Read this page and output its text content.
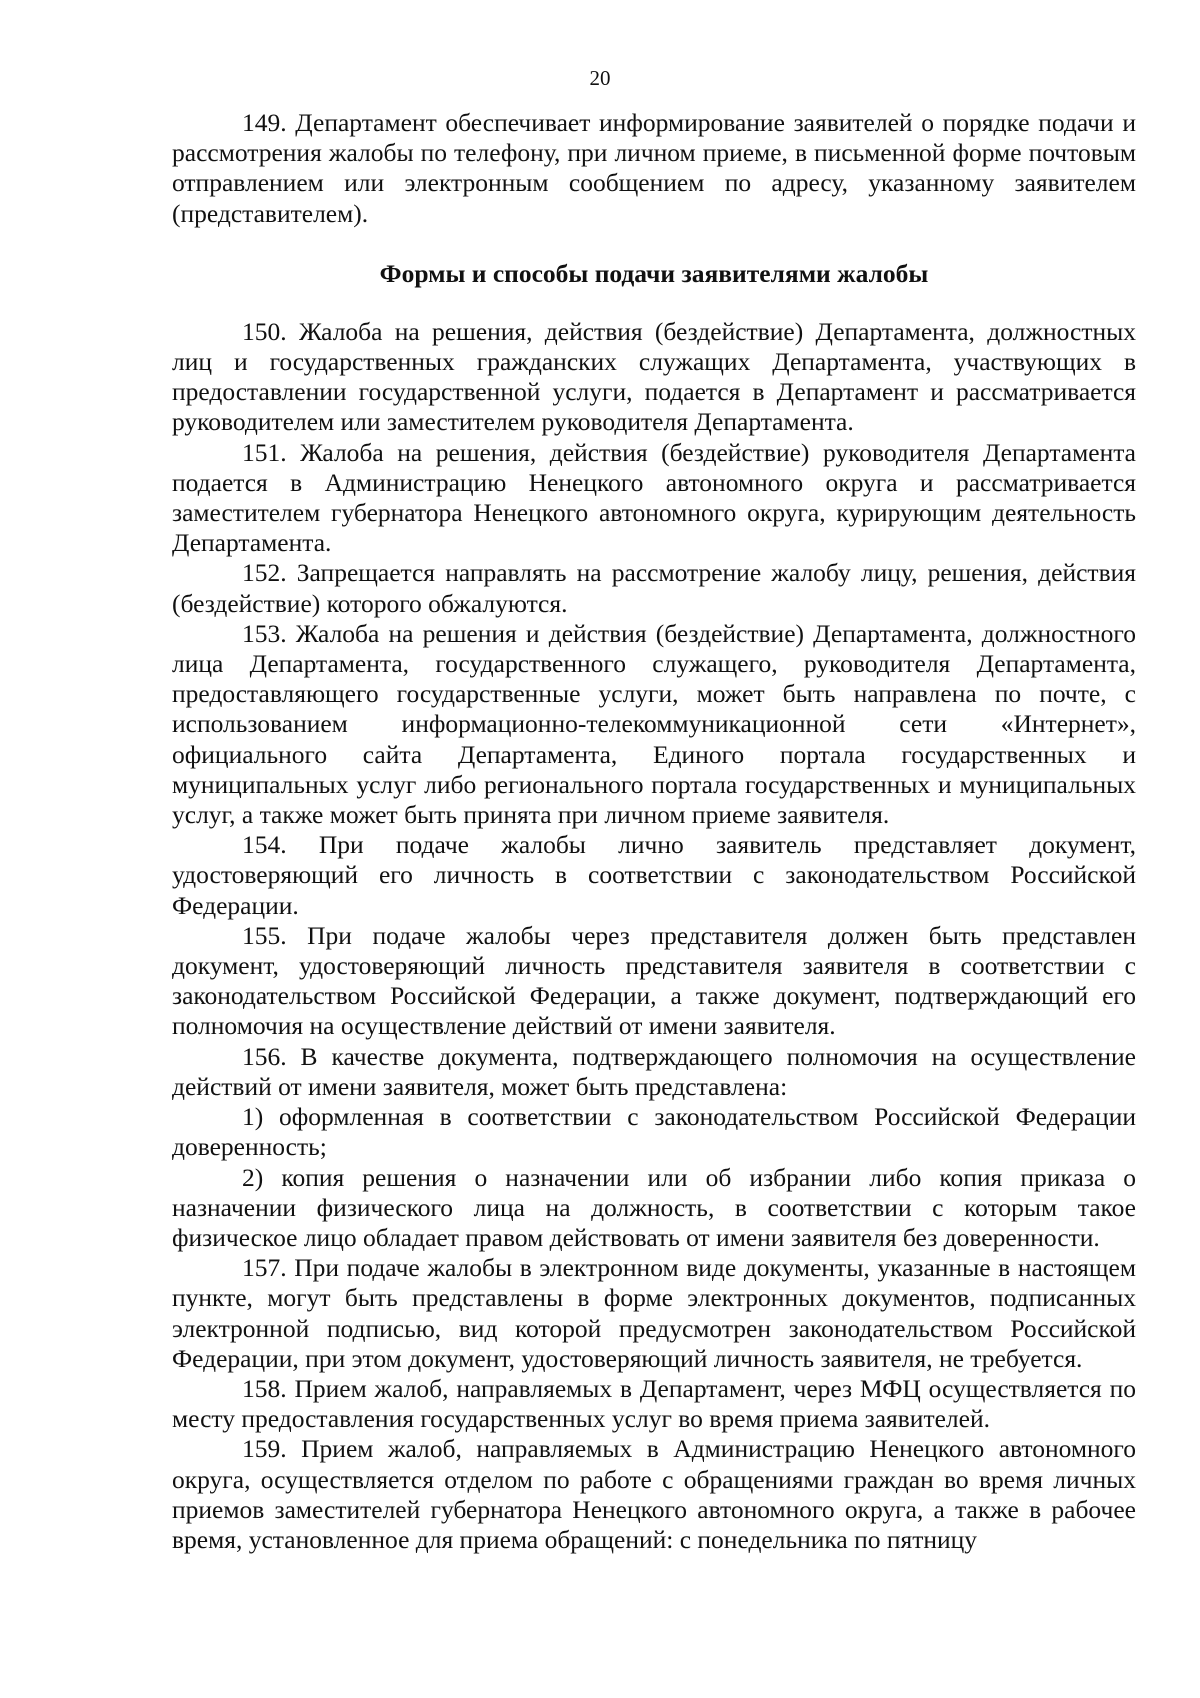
20

149. Департамент обеспечивает информирование заявителей о порядке подачи и рассмотрения жалобы по телефону, при личном приеме, в письменной форме почтовым отправлением или электронным сообщением по адресу, указанному заявителем (представителем).

Формы и способы подачи заявителями жалобы

150. Жалоба на решения, действия (бездействие) Департамента, должностных лиц и государственных гражданских служащих Департамента, участвующих в предоставлении государственной услуги, подается в Департамент и рассматривается руководителем или заместителем руководителя Департамента.

151. Жалоба на решения, действия (бездействие) руководителя Департамента подается в Администрацию Ненецкого автономного округа и рассматривается заместителем губернатора Ненецкого автономного округа, курирующим деятельность Департамента.

152. Запрещается направлять на рассмотрение жалобу лицу, решения, действия (бездействие) которого обжалуются.

153. Жалоба на решения и действия (бездействие) Департамента, должностного лица Департамента, государственного служащего, руководителя Департамента, предоставляющего государственные услуги, может быть направлена по почте, с использованием информационно-телекоммуникационной сети «Интернет», официального сайта Департамента, Единого портала государственных и муниципальных услуг либо регионального портала государственных и муниципальных услуг, а также может быть принята при личном приеме заявителя.

154. При подаче жалобы лично заявитель представляет документ, удостоверяющий его личность в соответствии с законодательством Российской Федерации.

155. При подаче жалобы через представителя должен быть представлен документ, удостоверяющий личность представителя заявителя в соответствии с законодательством Российской Федерации, а также документ, подтверждающий его полномочия на осуществление действий от имени заявителя.

156. В качестве документа, подтверждающего полномочия на осуществление действий от имени заявителя, может быть представлена:

1) оформленная в соответствии с законодательством Российской Федерации доверенность;

2) копия решения о назначении или об избрании либо копия приказа о назначении физического лица на должность, в соответствии с которым такое физическое лицо обладает правом действовать от имени заявителя без доверенности.

157. При подаче жалобы в электронном виде документы, указанные в настоящем пункте, могут быть представлены в форме электронных документов, подписанных электронной подписью, вид которой предусмотрен законодательством Российской Федерации, при этом документ, удостоверяющий личность заявителя, не требуется.

158. Прием жалоб, направляемых в Департамент, через МФЦ осуществляется по месту предоставления государственных услуг во время приема заявителей.

159. Прием жалоб, направляемых в Администрацию Ненецкого автономного округа, осуществляется отделом по работе с обращениями граждан во время личных приемов заместителей губернатора Ненецкого автономного округа, а также в рабочее время, установленное для приема обращений: с понедельника по пятницу
